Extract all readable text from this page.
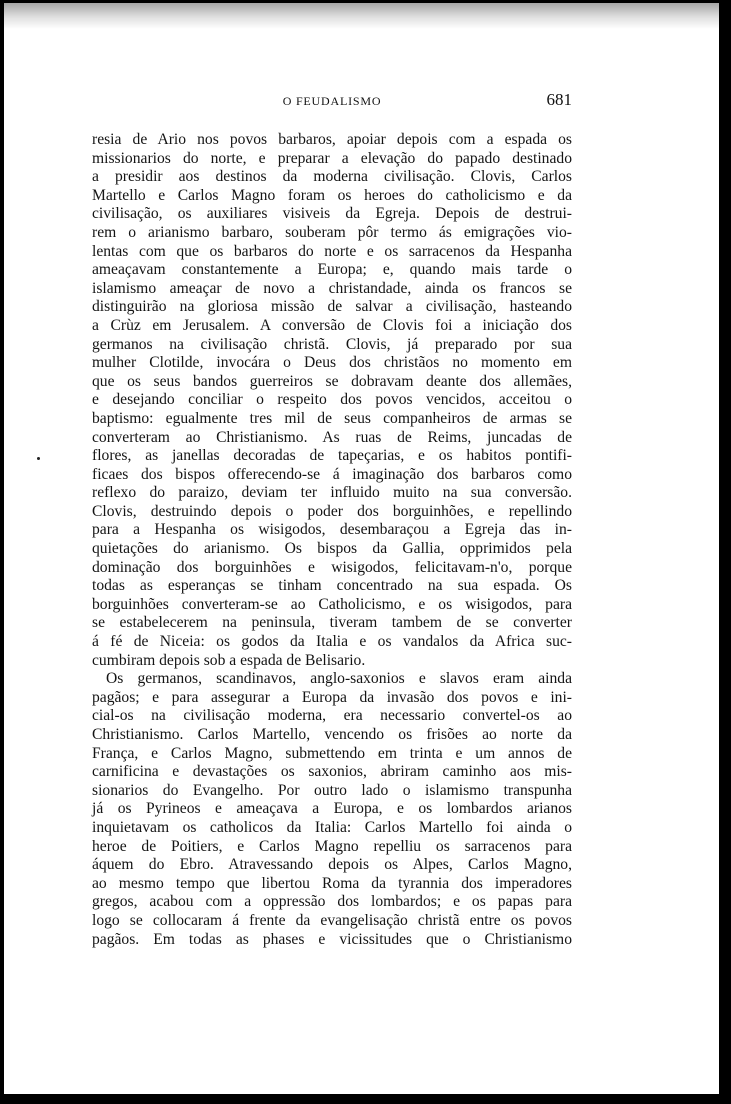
O FEUDALISMO	681
resia de Ario nos povos barbaros, apoiar depois com a espada os
missionarios do norte, e preparar a elevação do papado destinado
a presidir aos destinos da moderna civilisação. Clovis, Carlos
Martello e Carlos Magno foram os heroes do catholicismo e da
civilisação, os auxiliares visiveis da Egreja. Depois de destrui-
rem o arianismo barbaro, souberam pôr termo ás emigrações vio-
lentas com que os barbaros do norte e os sarracenos da Hespanha
ameaçavam constantemente a Europa; e, quando mais tarde o
islamismo ameaçar de novo a christandade, ainda os francos se
distinguirão na gloriosa missão de salvar a civilisação, hasteando
a Crùz em Jerusalem. A conversão de Clovis foi a iniciação dos
germanos na civilisação christã. Clovis, já preparado por sua
mulher Clotilde, invocára o Deus dos christãos no momento em
que os seus bandos guerreiros se dobravam deante dos allemães,
e desejando conciliar o respeito dos povos vencidos, acceitou o
baptismo: egualmente tres mil de seus companheiros de armas se
converteram ao Christianismo. As ruas de Reims, juncadas de
flores, as janellas decoradas de tapeçarias, e os habitos pontifi-
ficaes dos bispos offerecendo-se á imaginação dos barbaros como
reflexo do paraizo, deviam ter influido muito na sua conversão.
Clovis, destruindo depois o poder dos borguinhões, e repellindo
para a Hespanha os wisigodos, desembaraçou a Egreja das in-
quietações do arianismo. Os bispos da Gallia, opprimidos pela
dominação dos borguinhões e wisigodos, felicitavam-n'o, porque
todas as esperanças se tinham concentrado na sua espada. Os
borguinhões converteram-se ao Catholicismo, e os wisigodos, para
se estabelecerem na peninsula, tiveram tambem de se converter
á fé de Niceia: os godos da Italia e os vandalos da Africa suc-
cumbiram depois sob a espada de Belisario.
Os germanos, scandinavos, anglo-saxonios e slavos eram ainda
pagãos; e para assegurar a Europa da invasão dos povos e ini-
cial-os na civilisação moderna, era necessario convertel-os ao
Christianismo. Carlos Martello, vencendo os frisões ao norte da
França, e Carlos Magno, submettendo em trinta e um annos de
carnificina e devastações os saxonios, abriram caminho aos mis-
sionarios do Evangelho. Por outro lado o islamismo transpunha
já os Pyrineos e ameaçava a Europa, e os lombardos arianos
inquietavam os catholicos da Italia: Carlos Martello foi ainda o
heroe de Poitiers, e Carlos Magno repelliu os sarracenos para
áquem do Ebro. Atravessando depois os Alpes, Carlos Magno,
ao mesmo tempo que libertou Roma da tyrannia dos imperadores
gregos, acabou com a oppressão dos lombardos; e os papas para
logo se collocaram á frente da evangelisação christã entre os povos
pagãos. Em todas as phases e vicissitudes que o Christianismo
